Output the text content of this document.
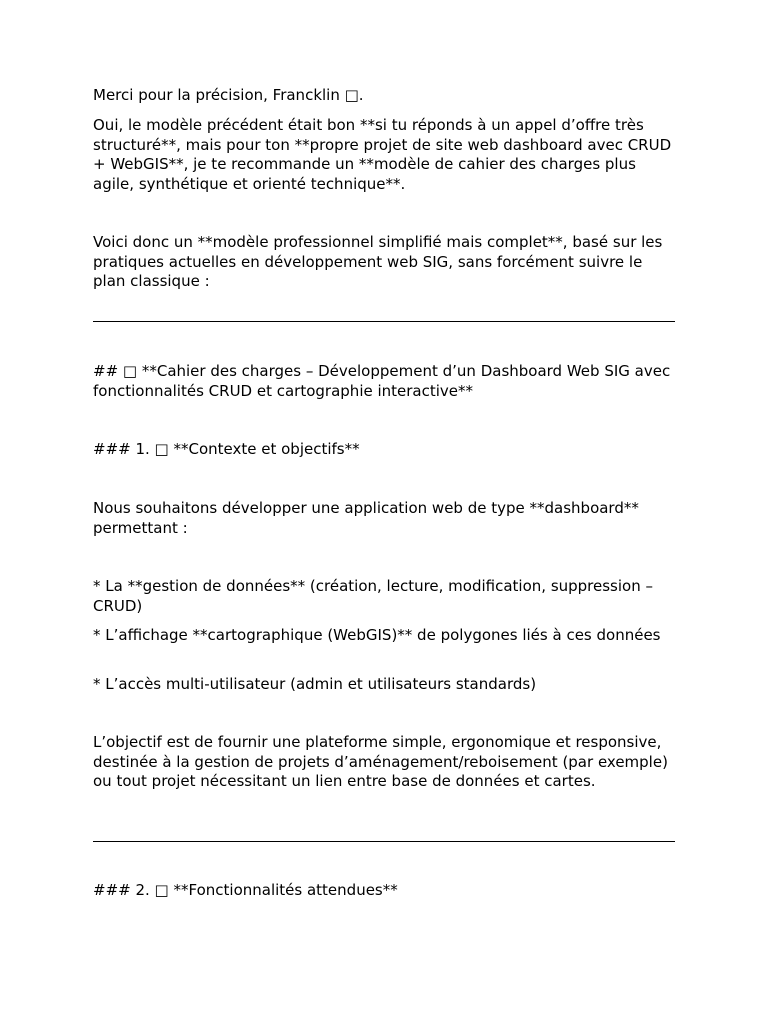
Merci pour la précision, Francklin □.

Oui, le modèle précédent était bon **si tu réponds à un appel d’offre très structuré**, mais pour ton **propre projet de site web dashboard avec CRUD + WebGIS**, je te recommande un **modèle de cahier des charges plus agile, synthétique et orienté technique**.

Voici donc un **modèle professionnel simplifié mais complet**, basé sur les pratiques actuelles en développement web SIG, sans forcément suivre le plan classique :

## □ **Cahier des charges – Développement d’un Dashboard Web SIG avec fonctionnalités CRUD et cartographie interactive**

### 1. □ **Contexte et objectifs**

Nous souhaitons développer une application web de type **dashboard** permettant :

* La **gestion de données** (création, lecture, modification, suppression – CRUD)

* L’affichage **cartographique (WebGIS)** de polygones liés à ces données

* L’accès multi-utilisateur (admin et utilisateurs standards)

L’objectif est de fournir une plateforme simple, ergonomique et responsive, destinée à la gestion de projets d’aménagement/reboisement (par exemple) ou tout projet nécessitant un lien entre base de données et cartes.

### 2. □ **Fonctionnalités attendues**
